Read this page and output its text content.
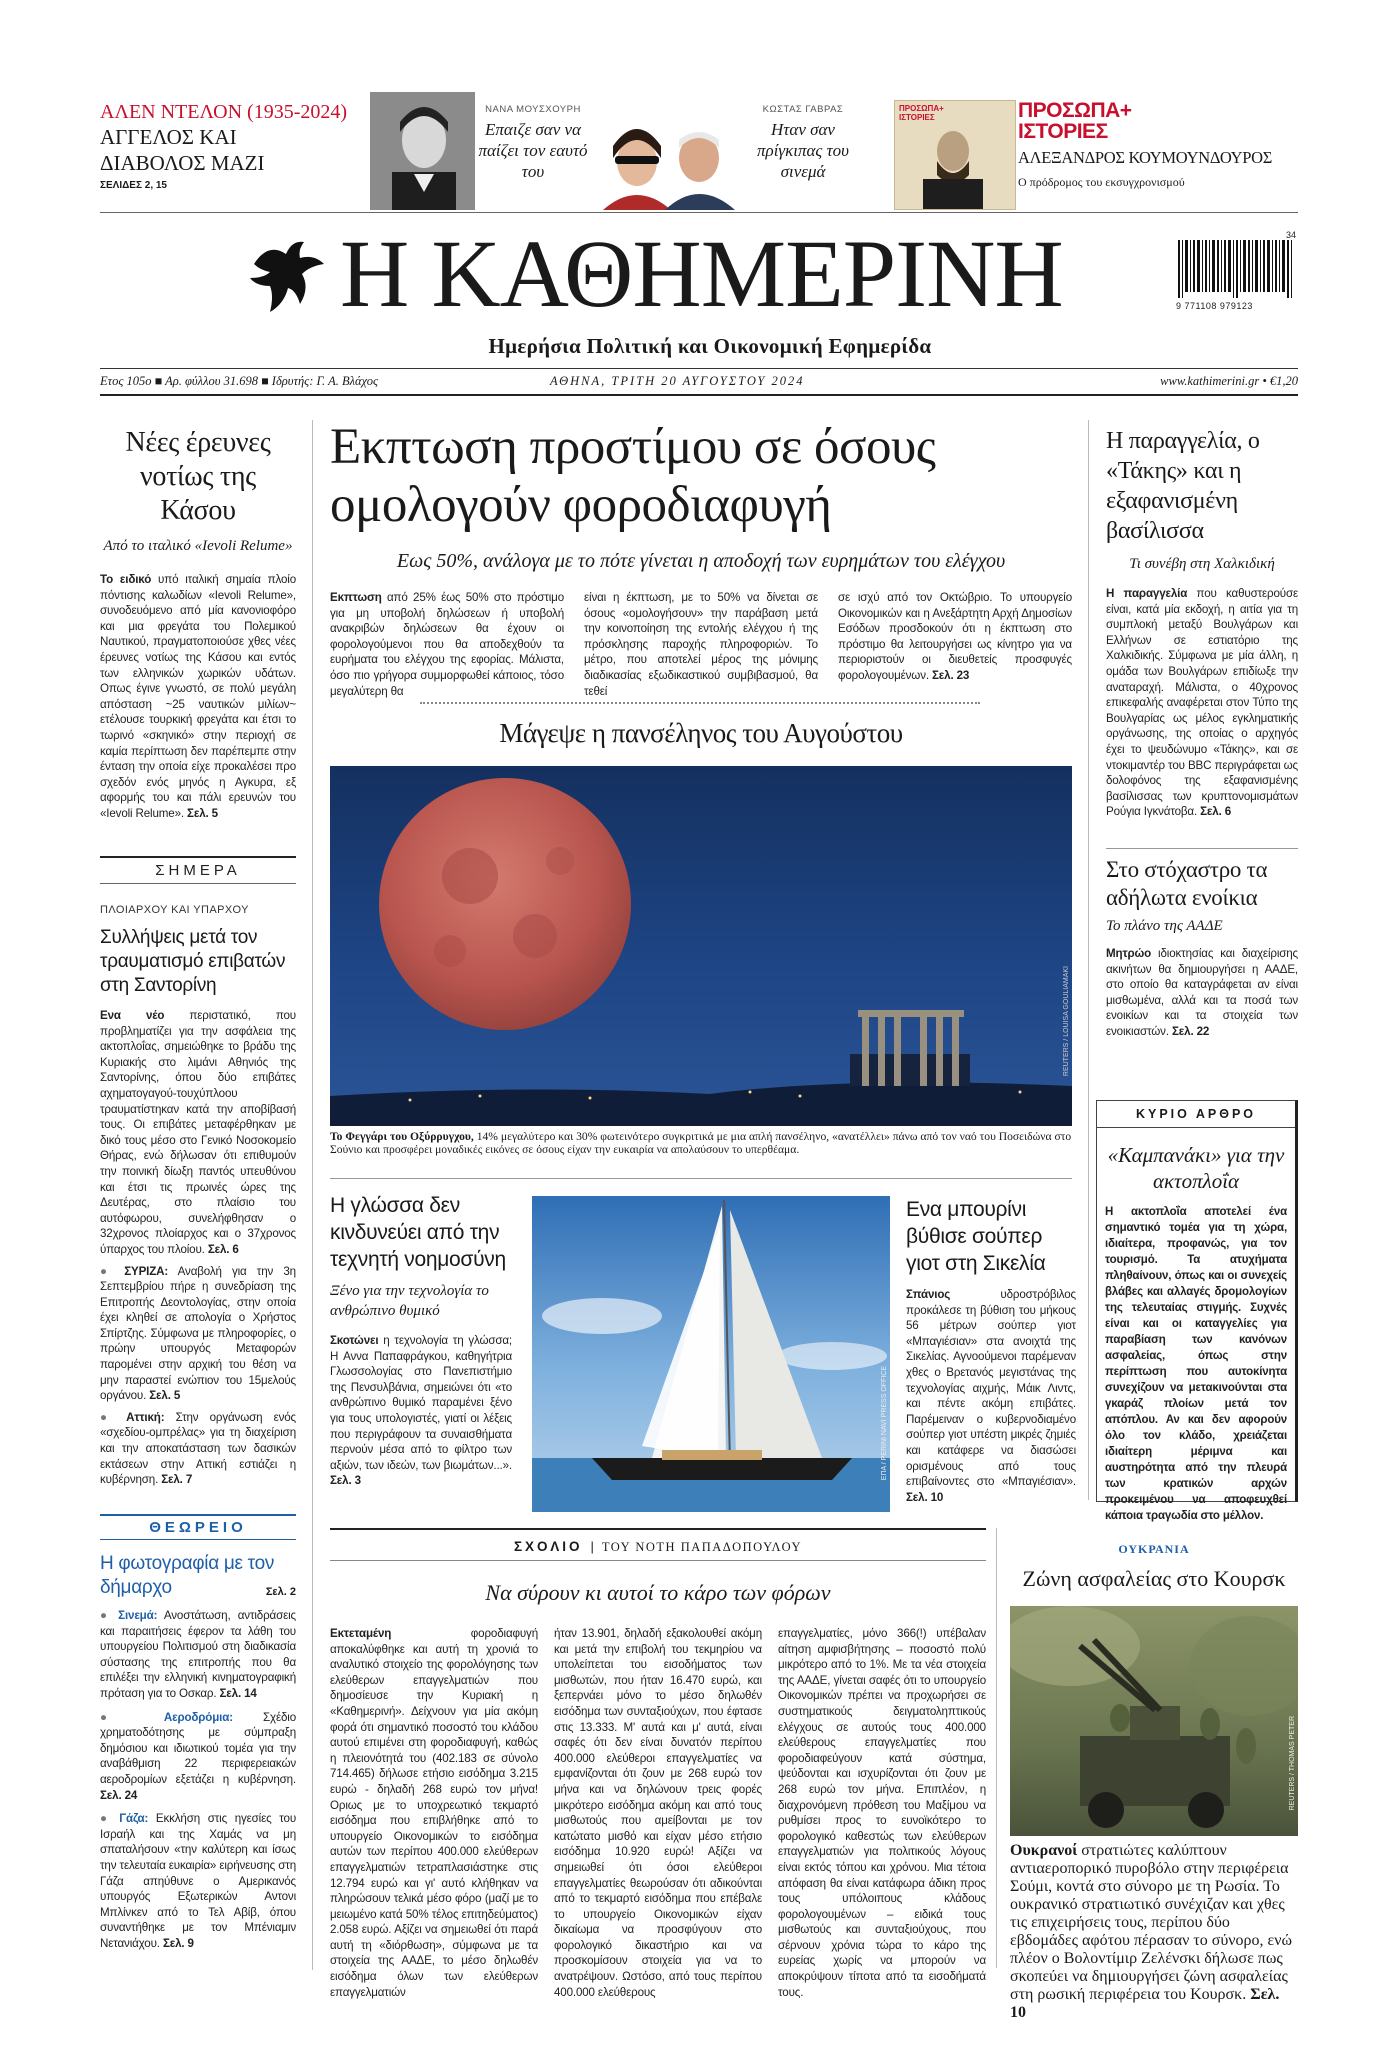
ΑΛΕΝ ΝΤΕΛΟΝ (1935-2024)
ΑΓΓΕΛΟΣ ΚΑΙ
ΔΙΑΒΟΛΟΣ ΜΑΖΙ
ΣΕΛΙΔΕΣ 2, 15
ΝΑΝΑ ΜΟΥΣΧΟΥΡΗ
Επαιζε σαν να παίζει τον εαυτό του
ΚΩΣΤΑΣ ΓΑΒΡΑΣ
Ηταν σαν πρίγκιπας του σινεμά
ΠΡΟΣΩΠΑ+ ΙΣΤΟΡΙΕΣ	ΠΡΟΣΩΠΑ+
ΙΣΤΟΡΙΕΣ
ΑΛΕΞΑΝΔΡΟΣ ΚΟΥΜΟΥΝΔΟΥΡΟΣ
Ο πρόδρομος του εκσυγχρονισμού
Η ΚΑΘΗΜΕΡΙΝΗ	34
9 771108 979123
Ημερήσια Πολιτική και Οικονομική Εφημερίδα
Ετος 105ο ■ Αρ. φύλλου 31.698 ■ Ιδρυτής: Γ. Α. Βλάχος	ΑΘΗΝΑ, ΤΡΙΤΗ 20 ΑΥΓΟΥΣΤΟΥ 2024	www.kathimerini.gr • €1,20
Νέες έρευνες νοτίως της Κάσου
Από το ιταλικό «Ievoli Relume»
Το ειδικό υπό ιταλική σημαία πλοίο πόντισης καλωδίων «Ievoli Relume», συνοδευόμενο από μία κανονιοφόρο και μια φρεγάτα του Πολεμικού Ναυτικού, πραγματοποιούσε χθες νέες έρευνες νοτίως της Κάσου και εντός των ελληνικών χωρικών υδάτων. Οπως έγινε γνωστό, σε πολύ μεγάλη απόσταση ~25 ναυτικών μιλίων~ ετέλουσε τουρκική φρεγάτα και έτσι το τωρινό «σκηνικό» στην περιοχή σε καμία περίπτωση δεν παρέπεμπε στην ένταση την οποία είχε προκαλέσει προ σχεδόν ενός μηνός η Αγκυρα, εξ αφορμής του και πάλι ερευνών του «Ievoli Relume». Σελ. 5
ΣΗΜΕΡΑ
ΠΛΟΙΑΡΧΟΥ ΚΑΙ ΥΠΑΡΧΟΥ
Συλλήψεις μετά τον τραυματισμό επιβατών στη Σαντορίνη
Ενα νέο περιστατικό, που προβληματίζει για την ασφάλεια της ακτοπλοΐας, σημειώθηκε το βράδυ της Κυριακής στο λιμάνι Αθηνιός της Σαντορίνης, όπου δύο επιβάτες αχηματογαγού-τουχύπλοου τραυματίστηκαν κατά την αποβίβασή τους. Οι επιβάτες μεταφέρθηκαν με δικό τους μέσο στο Γενικό Νοσοκομείο Θήρας, ενώ δήλωσαν ότι επιθυμούν την ποινική δίωξη παντός υπευθύνου και έτσι τις πρωινές ώρες της Δευτέρας, στο πλαίσιο του αυτόφωρου, συνελήφθησαν ο 32χρονος πλοίαρχος και ο 37χρονος ύπαρχος του πλοίου. Σελ. 6
● ΣΥΡΙΖΑ: Αναβολή για την 3η Σεπτεμβρίου πήρε η συνεδρίαση της Επιτροπής Δεοντολογίας, στην οποία έχει κληθεί σε απολογία ο Χρήστος Σπίρτζης. Σύμφωνα με πληροφορίες, ο πρώην υπουργός Μεταφορών παρομένει στην αρχική του θέση να μην παραστεί ενώπιον του 15μελούς οργάνου. Σελ. 5
● Αττική: Στην οργάνωση ενός «σχεδίου-ομπρέλας» για τη διαχείριση και την αποκατάσταση των δασικών εκτάσεων στην Αττική εστιάζει η κυβέρνηση. Σελ. 7
ΘΕΩΡΕΙΟ
Η φωτογραφία με τον δήμαρχο	Σελ. 2
● Σινεμά: Ανοστάτωση, αντιδράσεις και παραιτήσεις έφερον τα λάθη του υπουργείου Πολιτισμού στη διαδικασία σύστασης της επιτροπής που θα επιλέξει την ελληνική κινηματογραφική πρόταση για το Οσκαρ. Σελ. 14
●	Αεροδρόμια: Σχέδιο χρηματοδότησης με σύμπραξη δημόσιου και ιδιωτικού τομέα για την αναβάθμιση 22 περιφερειακών αεροδρομίων εξετάζει η κυβέρνηση. Σελ. 24
● Γάζα: Εκκλήση στις ηγεσίες του Ισραήλ και της Χαμάς να μη σπαταλήσουν «την καλύτερη και ίσως την τελευταία ευκαιρία» ειρήνευσης στη Γάζα απηύθυνε ο Αμερικανός υπουργός Εξωτερικών Αντονι Μπλίνκεν από το Τελ Αβίβ, όπου συναντήθηκε με τον Μπένιαμιν Νετανιάχου. Σελ. 9
Εκπτωση προστίμου σε όσους ομολογούν φοροδιαφυγή
Εως 50%, ανάλογα με το πότε γίνεται η αποδοχή των ευρημάτων του ελέγχου
Εκπτωση από 25% έως 50% στο πρόστιμο για μη υποβολή δηλώσεων ή υποβολή ανακριβών δηλώσεων θα έχουν οι φορολογούμενοι που θα αποδεχθούν τα ευρήματα του ελέγχου της εφορίας. Μάλιστα, όσο πιο γρήγορα συμμορφωθεί κάποιος, τόσο μεγαλύτερη θα
είναι η έκπτωση, με το 50% να δίνεται σε όσους «ομολογήσουν» την παράβαση μετά την κοινοποίηση της εντολής ελέγχου ή της πρόσκλησης παροχής πληροφοριών. Το μέτρο, που αποτελεί μέρος της μόνιμης διαδικασίας εξωδικαστικού συμβιβασμού, θα τεθεί
σε ισχύ από τον Οκτώβριο. Το υπουργείο Οικονομικών και η Ανεξάρτητη Αρχή Δημοσίων Εσόδων προσδοκούν ότι η έκπτωση στο πρόστιμο θα λειτουργήσει ως κίνητρο για να περιοριστούν οι διευθετείς προσφυγές φορολογουμένων. Σελ. 23
Μάγεψε η πανσέληνος του Αυγούστου
REUTERS / LOUISA GOULIAMAKI
Το Φεγγάρι του Οξύρρυγχου, 14% μεγαλύτερο και 30% φωτεινότερο συγκριτικά με μια απλή πανσέληνο, «ανατέλλει» πάνω από τον ναό του Ποσειδώνα στο Σούνιο και προσφέρει μοναδικές εικόνες σε όσους είχαν την ευκαιρία να απολαύσουν το υπερθέαμα.
Η γλώσσα δεν κινδυνεύει από την τεχνητή νοημοσύνη
Ξένο για την τεχνολογία το ανθρώπινο θυμικό
Σκοτώνει η τεχνολογία τη γλώσσα; Η Αννα Παπαφράγκου, καθηγήτρια Γλωσσολογίας στο Πανεπιστήμιο της Πενσυλβάνια, σημειώνει ότι «το ανθρώπινο θυμικό παραμένει ξένο για τους υπολογιστές, γιατί οι λέξεις που περιγράφουν τα συναισθήματα περνούν μέσα από το φίλτρο των αξιών, των ιδεών, των βιωμάτων...». Σελ. 3
ΕΠΑ / PERINI NAVI PRESS OFFICE
Ενα μπουρίνι βύθισε σούπερ γιοτ στη Σικελία
Σπάνιος υδροστρόβιλος προκάλεσε τη βύθιση του μήκους 56 μέτρων σούπερ γιοτ «Μπαγιέσιαν» στα ανοιχτά της Σικελίας. Αγνοούμενοι παρέμεναν χθες ο Βρετανός μεγιστάνας της τεχνολογίας αιχμής, Μάικ Λιντς, και πέντε ακόμη επιβάτες. Παρέμειναν ο κυβερνοδιαμένο σούπερ γιοτ υπέστη μικρές ζημιές και κατάφερε να διασώσει ορισμένους από τους επιβαίνοντες στο «Μπαγιέσιαν». Σελ. 10
Η παραγγελία, ο «Τάκης» και η εξαφανισμένη βασίλισσα
Τι συνέβη στη Χαλκιδική
Η παραγγελία που καθυστερούσε είναι, κατά μία εκδοχή, η αιτία για τη συμπλοκή μεταξύ Βουλγάρων και Ελλήνων σε εστιατόριο της Χαλκιδικής. Σύμφωνα με μία άλλη, η ομάδα των Βουλγάρων επιδίωξε την αναταραχή. Μάλιστα, ο 40χρονος επικεφαλής αναφέρεται στον Τύπο της Βουλγαρίας ως μέλος εγκληματικής οργάνωσης, της οποίας ο αρχηγός έχει το ψευδώνυμο «Τάκης», και σε ντοκιμαντέρ του BBC περιγράφεται ως δολοφόνος της εξαφανισμένης βασίλισσας των κρυπτονομισμάτων Ρούγια Ιγκνάτοβα. Σελ. 6
Στο στόχαστρο τα αδήλωτα ενοίκια
Το πλάνο της ΑΑΔΕ
Μητρώο ιδιοκτησίας και διαχείρισης ακινήτων θα δημιουργήσει η ΑΑΔΕ, στο οποίο θα καταγράφεται αν είναι μισθωμένα, αλλά και τα ποσά των ενοικίων και τα στοιχεία των ενοικιαστών. Σελ. 22
ΚΥΡΙΟ ΑΡΘΡΟ
«Καμπανάκι» για την ακτοπλοΐα
Η ακτοπλοΐα αποτελεί ένα σημαντικό τομέα για τη χώρα, ιδιαίτερα, προφανώς, για τον τουρισμό. Τα ατυχήματα πληθαίνουν, όπως και οι συνεχείς βλάβες και αλλαγές δρομολογίων της τελευταίας στιγμής. Συχνές είναι και οι καταγγελίες για παραβίαση των κανόνων ασφαλείας, όπως στην περίπτωση που αυτοκίνητα συνεχίζουν να μετακινούνται στα γκαράζ πλοίων μετά τον απόπλου. Αν και δεν αφορούν όλο τον κλάδο, χρειάζεται ιδιαίτερη μέριμνα και αυστηρότητα από την πλευρά των κρατικών αρχών προκειμένου να αποφευχθεί κάποια τραγωδία στο μέλλον.
ΟΥΚΡΑΝΙΑ
Ζώνη ασφαλείας στο Κουρσκ
REUTERS / THOMAS PETER
Ουκρανοί στρατιώτες καλύπτουν αντιαεροπορικό πυροβόλο στην περιφέρεια Σούμι, κοντά στο σύνορο με τη Ρωσία. Το ουκρανικό στρατιωτικό συνέχιζαν και χθες τις επιχειρήσεις τους, περίπου δύο εβδομάδες αφότου πέρασαν το σύνορο, ενώ πλέον ο Βολοντίμιρ Ζελένσκι δήλωσε πως σκοπεύει να δημιουργήσει ζώνη ασφαλείας στη ρωσική περιφέρεια του Κουρσκ. Σελ. 10
ΣΧΟΛΙΟ | ΤΟΥ ΝΟΤΗ ΠΑΠΑΔΟΠΟΥΛΟΥ
Να σύρουν κι αυτοί το κάρο των φόρων
Εκτεταμένη φοροδιαφυγή αποκαλύφθηκε και αυτή τη χρονιά το αναλυτικό στοιχείο της φορολόγησης των ελεύθερων επαγγελματιών που δημοσίευσε την Κυριακή η «Καθημερινή». Δείχνουν για μία ακόμη φορά ότι σημαντικό ποσοστό του κλάδου αυτού επιμένει στη φοροδιαφυγή, καθώς η πλειονότητά του (402.183 σε σύνολο 714.465) δήλωσε ετήσιο εισόδημα 3.215 ευρώ - δηλαδή 268 ευρώ τον μήνα! Οριως με το υποχρεωτικό τεκμαρτό εισόδημα που επιβλήθηκε από το υπουργείο Οικονομικών το εισόδημα αυτών των περίπου 400.000 ελεύθερων επαγγελματιών τετραπλασιάστηκε στις 12.794 ευρώ και γι' αυτό κλήθηκαν να πληρώσουν τελικά μέσο φόρο (μαζί με το μειωμένο κατά 50% τέλος επιτηδεύματος) 2.058 ευρώ. Αξίζει να σημειωθεί ότι παρά αυτή τη «διόρθωση», σύμφωνα με τα στοιχεία της ΑΑΔΕ, το μέσο δηλωθέν εισόδημα όλων των ελεύθερων επαγγελματιών
ήταν 13.901, δηλαδή εξακολουθεί ακόμη και μετά την επιβολή του τεκμηρίου να υπολείπεται του εισοδήματος των μισθωτών, που ήταν 16.470 ευρώ, και ξεπερνάει μόνο το μέσο δηλωθέν εισόδημα των συνταξιούχων, που έφτασε στις 13.333. Μ' αυτά και μ' αυτά, είναι σαφές ότι δεν είναι δυνατόν περίπου 400.000 ελεύθεροι επαγγελματίες να εμφανίζονται ότι ζουν με 268 ευρώ τον μήνα και να δηλώνουν τρεις φορές μικρότερο εισόδημα ακόμη και από τους μισθωτούς που αμείβονται με τον κατώτατο μισθό και είχαν μέσο ετήσιο εισόδημα 10.920 ευρώ! Αξίζει να σημειωθεί ότι όσοι ελεύθεροι επαγγελματίες θεωρούσαν ότι αδικούνται από το τεκμαρτό εισόδημα που επέβαλε το υπουργείο Οικονομικών είχαν δικαίωμα να προσφύγουν στο φορολογικό δικαστήριο και να προσκομίσουν στοιχεία για να το ανατρέψουν. Ωστόσο, από τους περίπου 400.000 ελεύθερους
επαγγελματίες, μόνο 366(!) υπέβαλαν αίτηση αμφισβήτησης – ποσοστό πολύ μικρότερο από το 1%. Με τα νέα στοιχεία της ΑΑΔΕ, γίνεται σαφές ότι το υπουργείο Οικονομικών πρέπει να προχωρήσει σε συστηματικούς δειγματοληπτικούς ελέγχους σε αυτούς τους 400.000 ελεύθερους επαγγελματίες που φοροδιαφεύγουν κατά σύστημα, ψεύδονται και ισχυρίζονται ότι ζουν με 268 ευρώ τον μήνα. Επιπλέον, η διαχρονόμενη πρόθεση του Μαξίμου να ρυθμίσει προς το ευνοϊκότερο το φορολογικό καθεστώς των ελεύθερων επαγγελματιών για πολιτικούς λόγους είναι εκτός τόπου και χρόνου. Μια τέτοια απόφαση θα είναι κατάφωρα άδικη προς τους υπόλοιπους κλάδους φορολογουμένων – ειδικά τους μισθωτούς και συνταξιούχους, που σέρνουν χρόνια τώρα το κάρο της ευρείας χωρίς να μπορούν να αποκρύψουν τίποτα από τα εισοδήματά τους.
